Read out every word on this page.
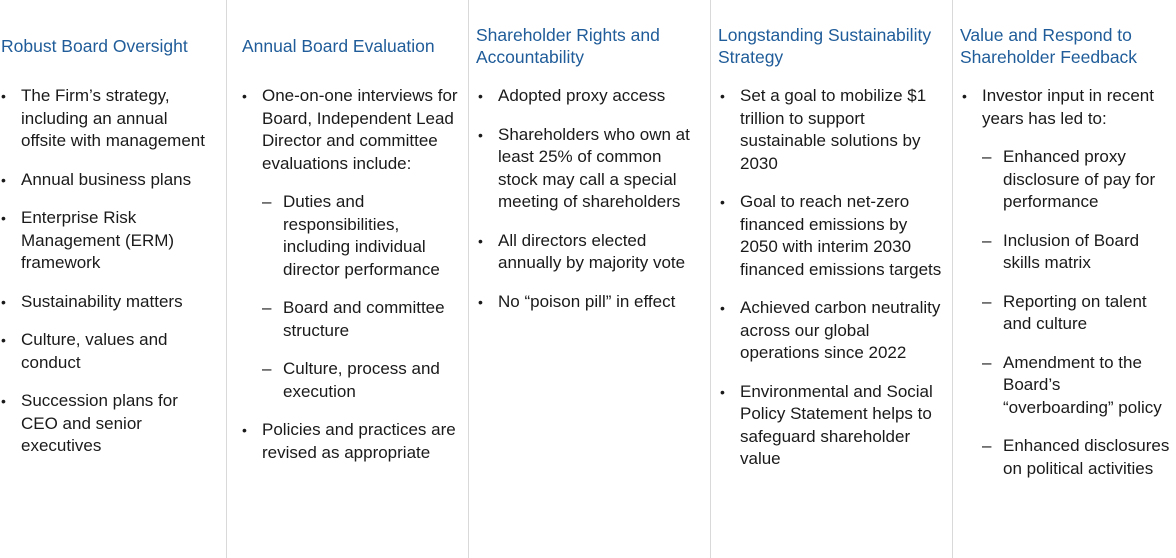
Robust Board Oversight
• The Firm’s strategy, including an annual offsite with management
• Annual business plans
• Enterprise Risk Management (ERM) framework
• Sustainability matters
• Culture, values and conduct
• Succession plans for CEO and senior executives
Annual Board Evaluation
• One-on-one interviews for Board, Independent Lead Director and committee evaluations include:
– Duties and responsibilities, including individual director performance
– Board and committee structure
– Culture, process and execution
• Policies and practices are revised as appropriate
Shareholder Rights and Accountability
• Adopted proxy access
• Shareholders who own at least 25% of common stock may call a special meeting of shareholders
• All directors elected annually by majority vote
• No “poison pill” in effect
Longstanding Sustainability Strategy
• Set a goal to mobilize $1 trillion to support sustainable solutions by 2030
• Goal to reach net-zero financed emissions by 2050 with interim 2030 financed emissions targets
• Achieved carbon neutrality across our global operations since 2022
• Environmental and Social Policy Statement helps to safeguard shareholder value
Value and Respond to Shareholder Feedback
• Investor input in recent years has led to:
– Enhanced proxy disclosure of pay for performance
– Inclusion of Board skills matrix
– Reporting on talent and culture
– Amendment to the Board’s “overboarding” policy
– Enhanced disclosures on political activities
